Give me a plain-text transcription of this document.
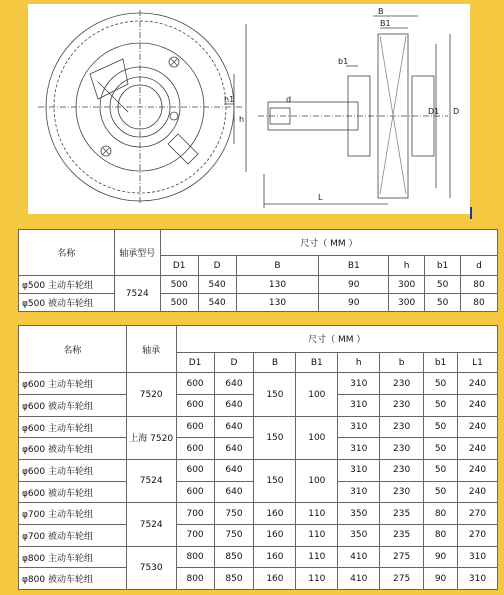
B
B1
b1
h1
h
d
D1 D
L
名称	轴承型号	尺寸（ MM ）						
		D1	D	B	B1	h	b1	d
φ500 主动车轮组	7524	500	540	130	90	300	50	80
φ500 被动车轮组		500	540	130	90	300	50	80
名称	轴承	尺寸（ MM ）							
		D1	D	B	B1	h	b	b1	L1
φ600 主动车轮组	7520	600	640	150	100	310	230	50	240
φ600 被动车轮组		600	640			310	230	50	240
φ600 主动车轮组	上海 7520	600	640	150	100	310	230	50	240
φ600 被动车轮组		600	640			310	230	50	240
φ600 主动车轮组	7524	600	640	150	100	310	230	50	240
φ600 被动车轮组		600	640			310	230	50	240
φ700 主动车轮组	7524	700	750	160	110	350	235	80	270
φ700 被动车轮组		700	750	160	110	350	235	80	270
φ800 主动车轮组	7530	800	850	160	110	410	275	90	310
φ800 被动车轮组		800	850	160	110	410	275	90	310
